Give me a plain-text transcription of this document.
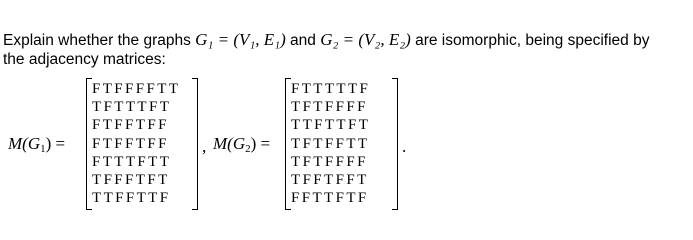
Explain whether the graphs G₁ = (V₁, E₁) and G₂ = (V₂, E₂) are isomorphic, being specified by
the adjacency matrices:
$M(G_1)$ =
FTFFFFTT
TFTTTFT
FTFFTFF
FTFFTFF
FTTTFTT
TFFFTFT
TTFFTTF
, $M(G_2)$ =
FTTTTTF
TFTFFFF
TTFTTFT
TFTFFTT
TFTFFFF
TFFTFFT
FFTTFTF
.
